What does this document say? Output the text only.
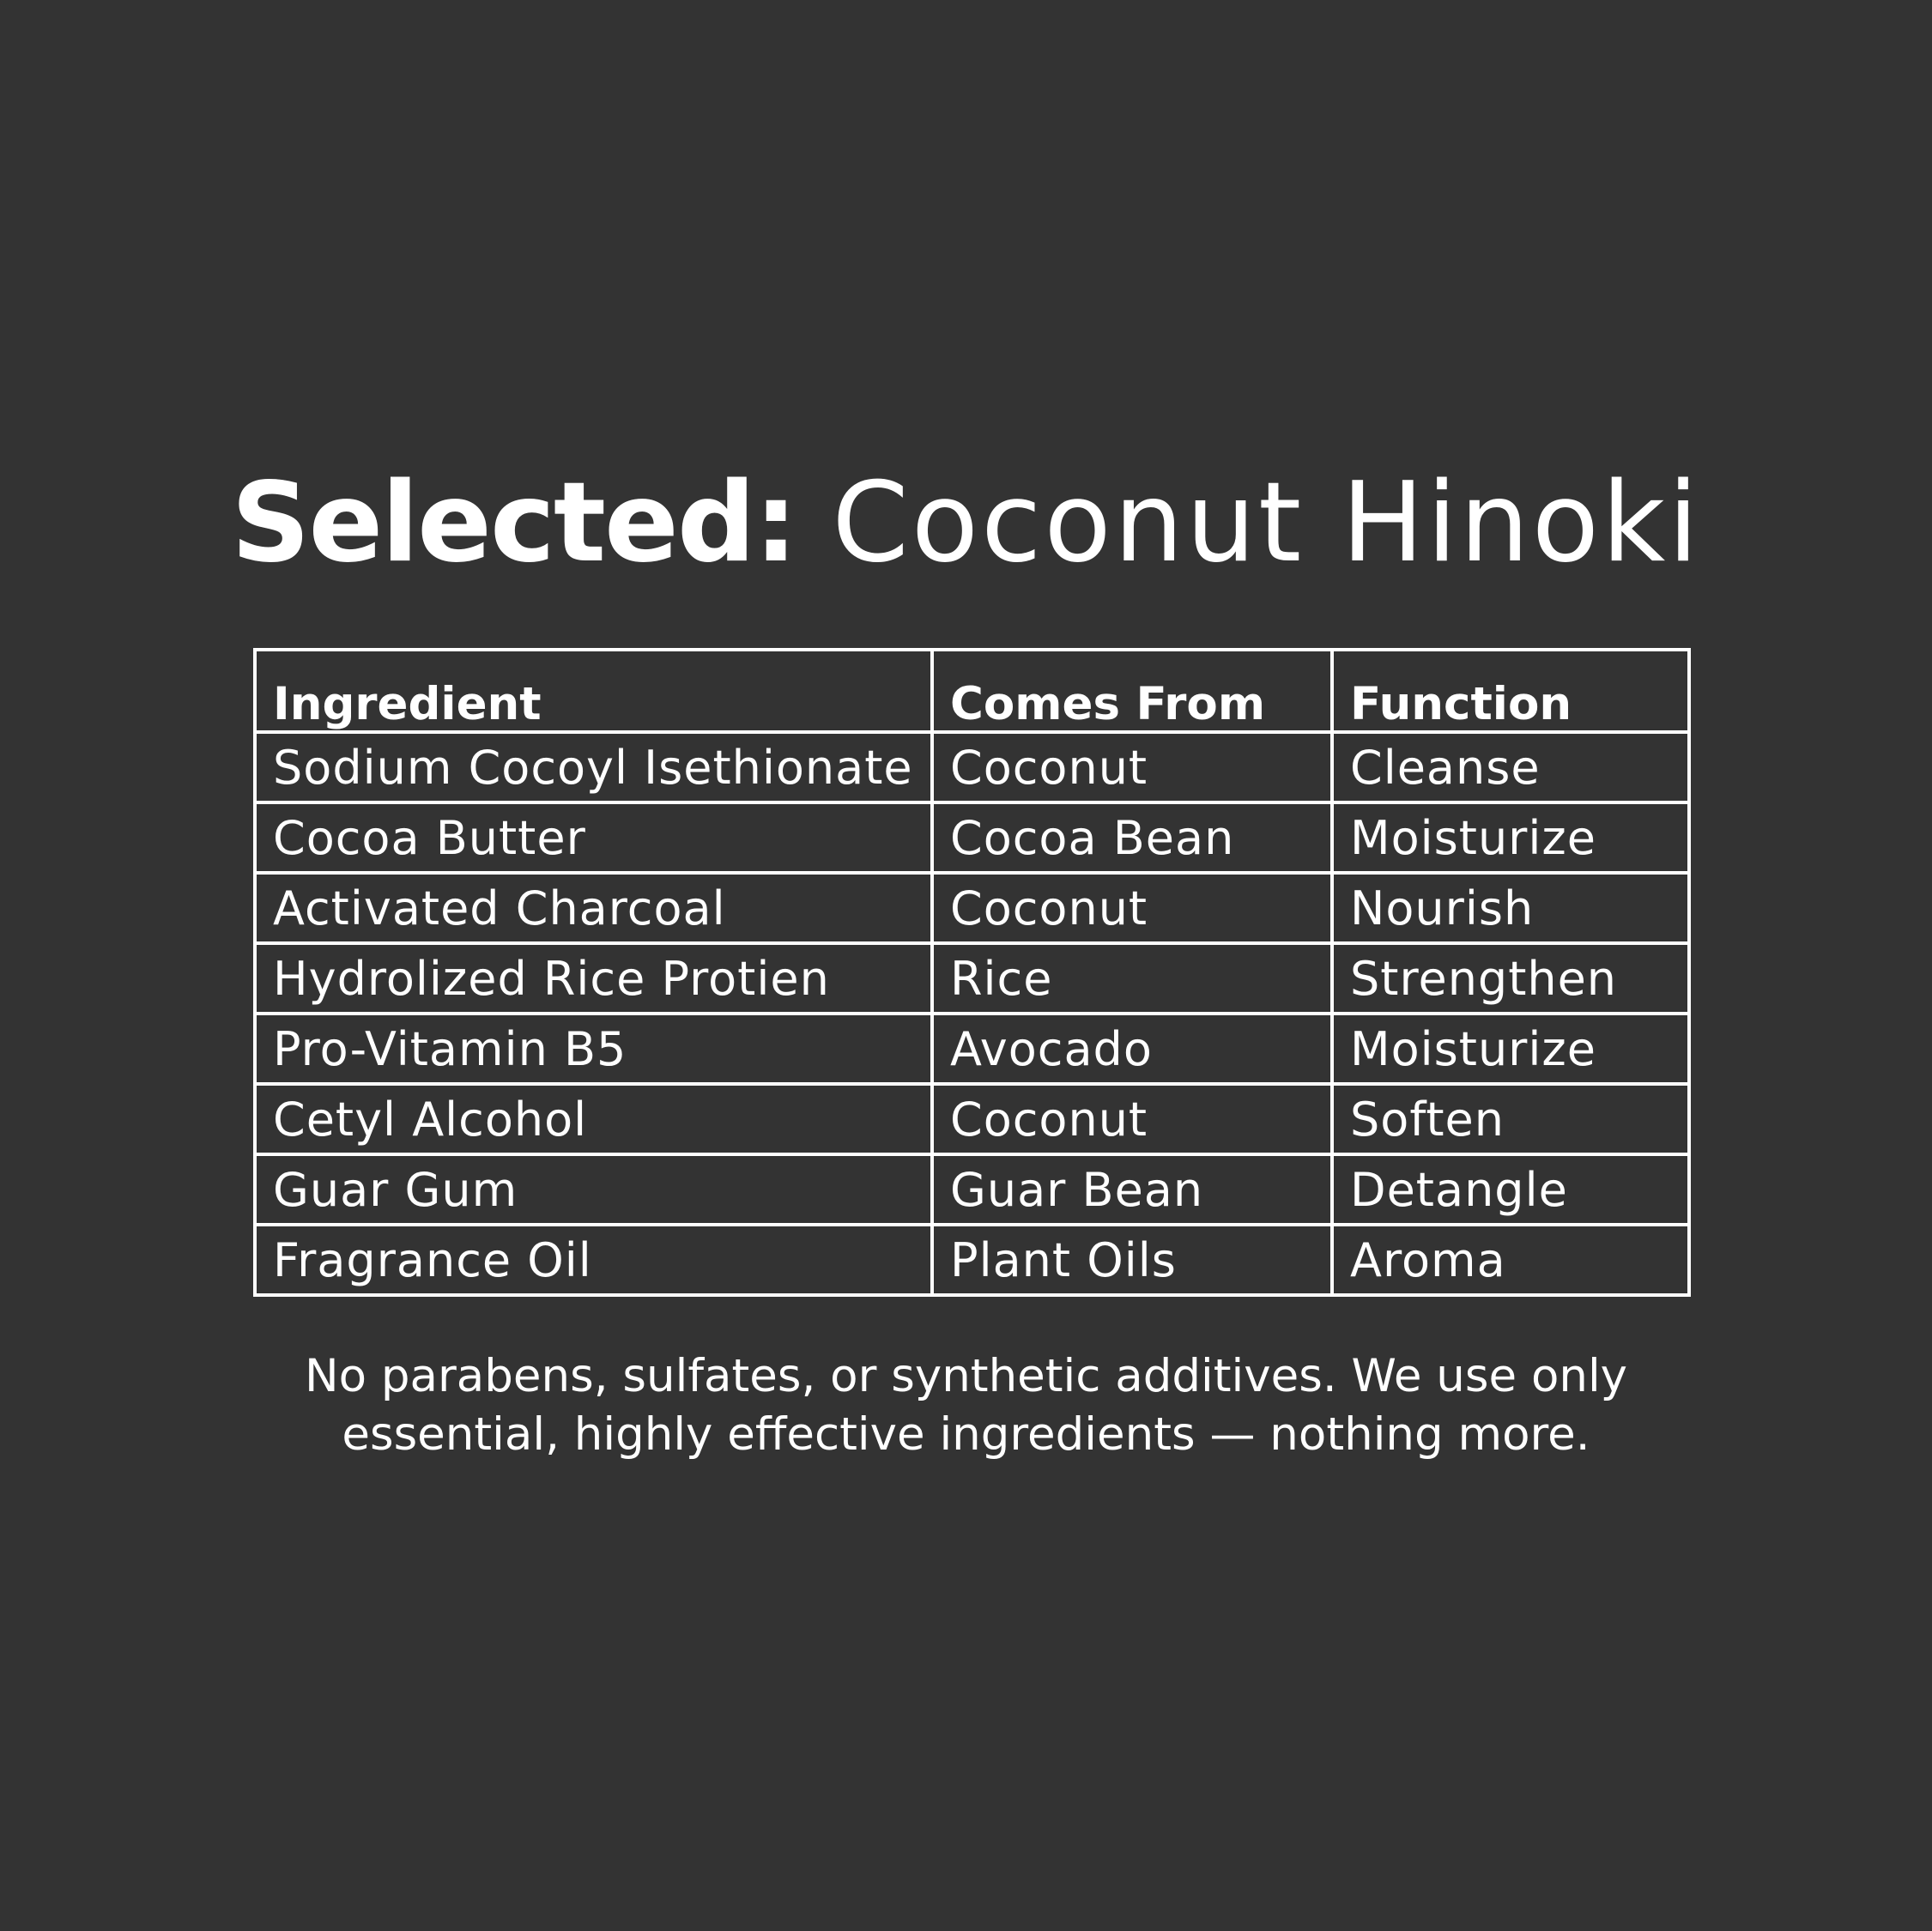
Selected: Coconut Hinoki
Ingredient	Comes From	Function
Sodium Cocoyl Isethionate	Coconut	Cleanse
Cocoa Butter	Cocoa Bean	Moisturize
Activated Charcoal	Coconut	Nourish
Hydrolized Rice Protien	Rice	Strengthen
Pro-Vitamin B5	Avocado	Moisturize
Cetyl Alcohol	Coconut	Soften
Guar Gum	Guar Bean	Detangle
Fragrance Oil	Plant Oils	Aroma
No parabens, sulfates, or synthetic additives. We use only
essential, highly effective ingredients — nothing more.
